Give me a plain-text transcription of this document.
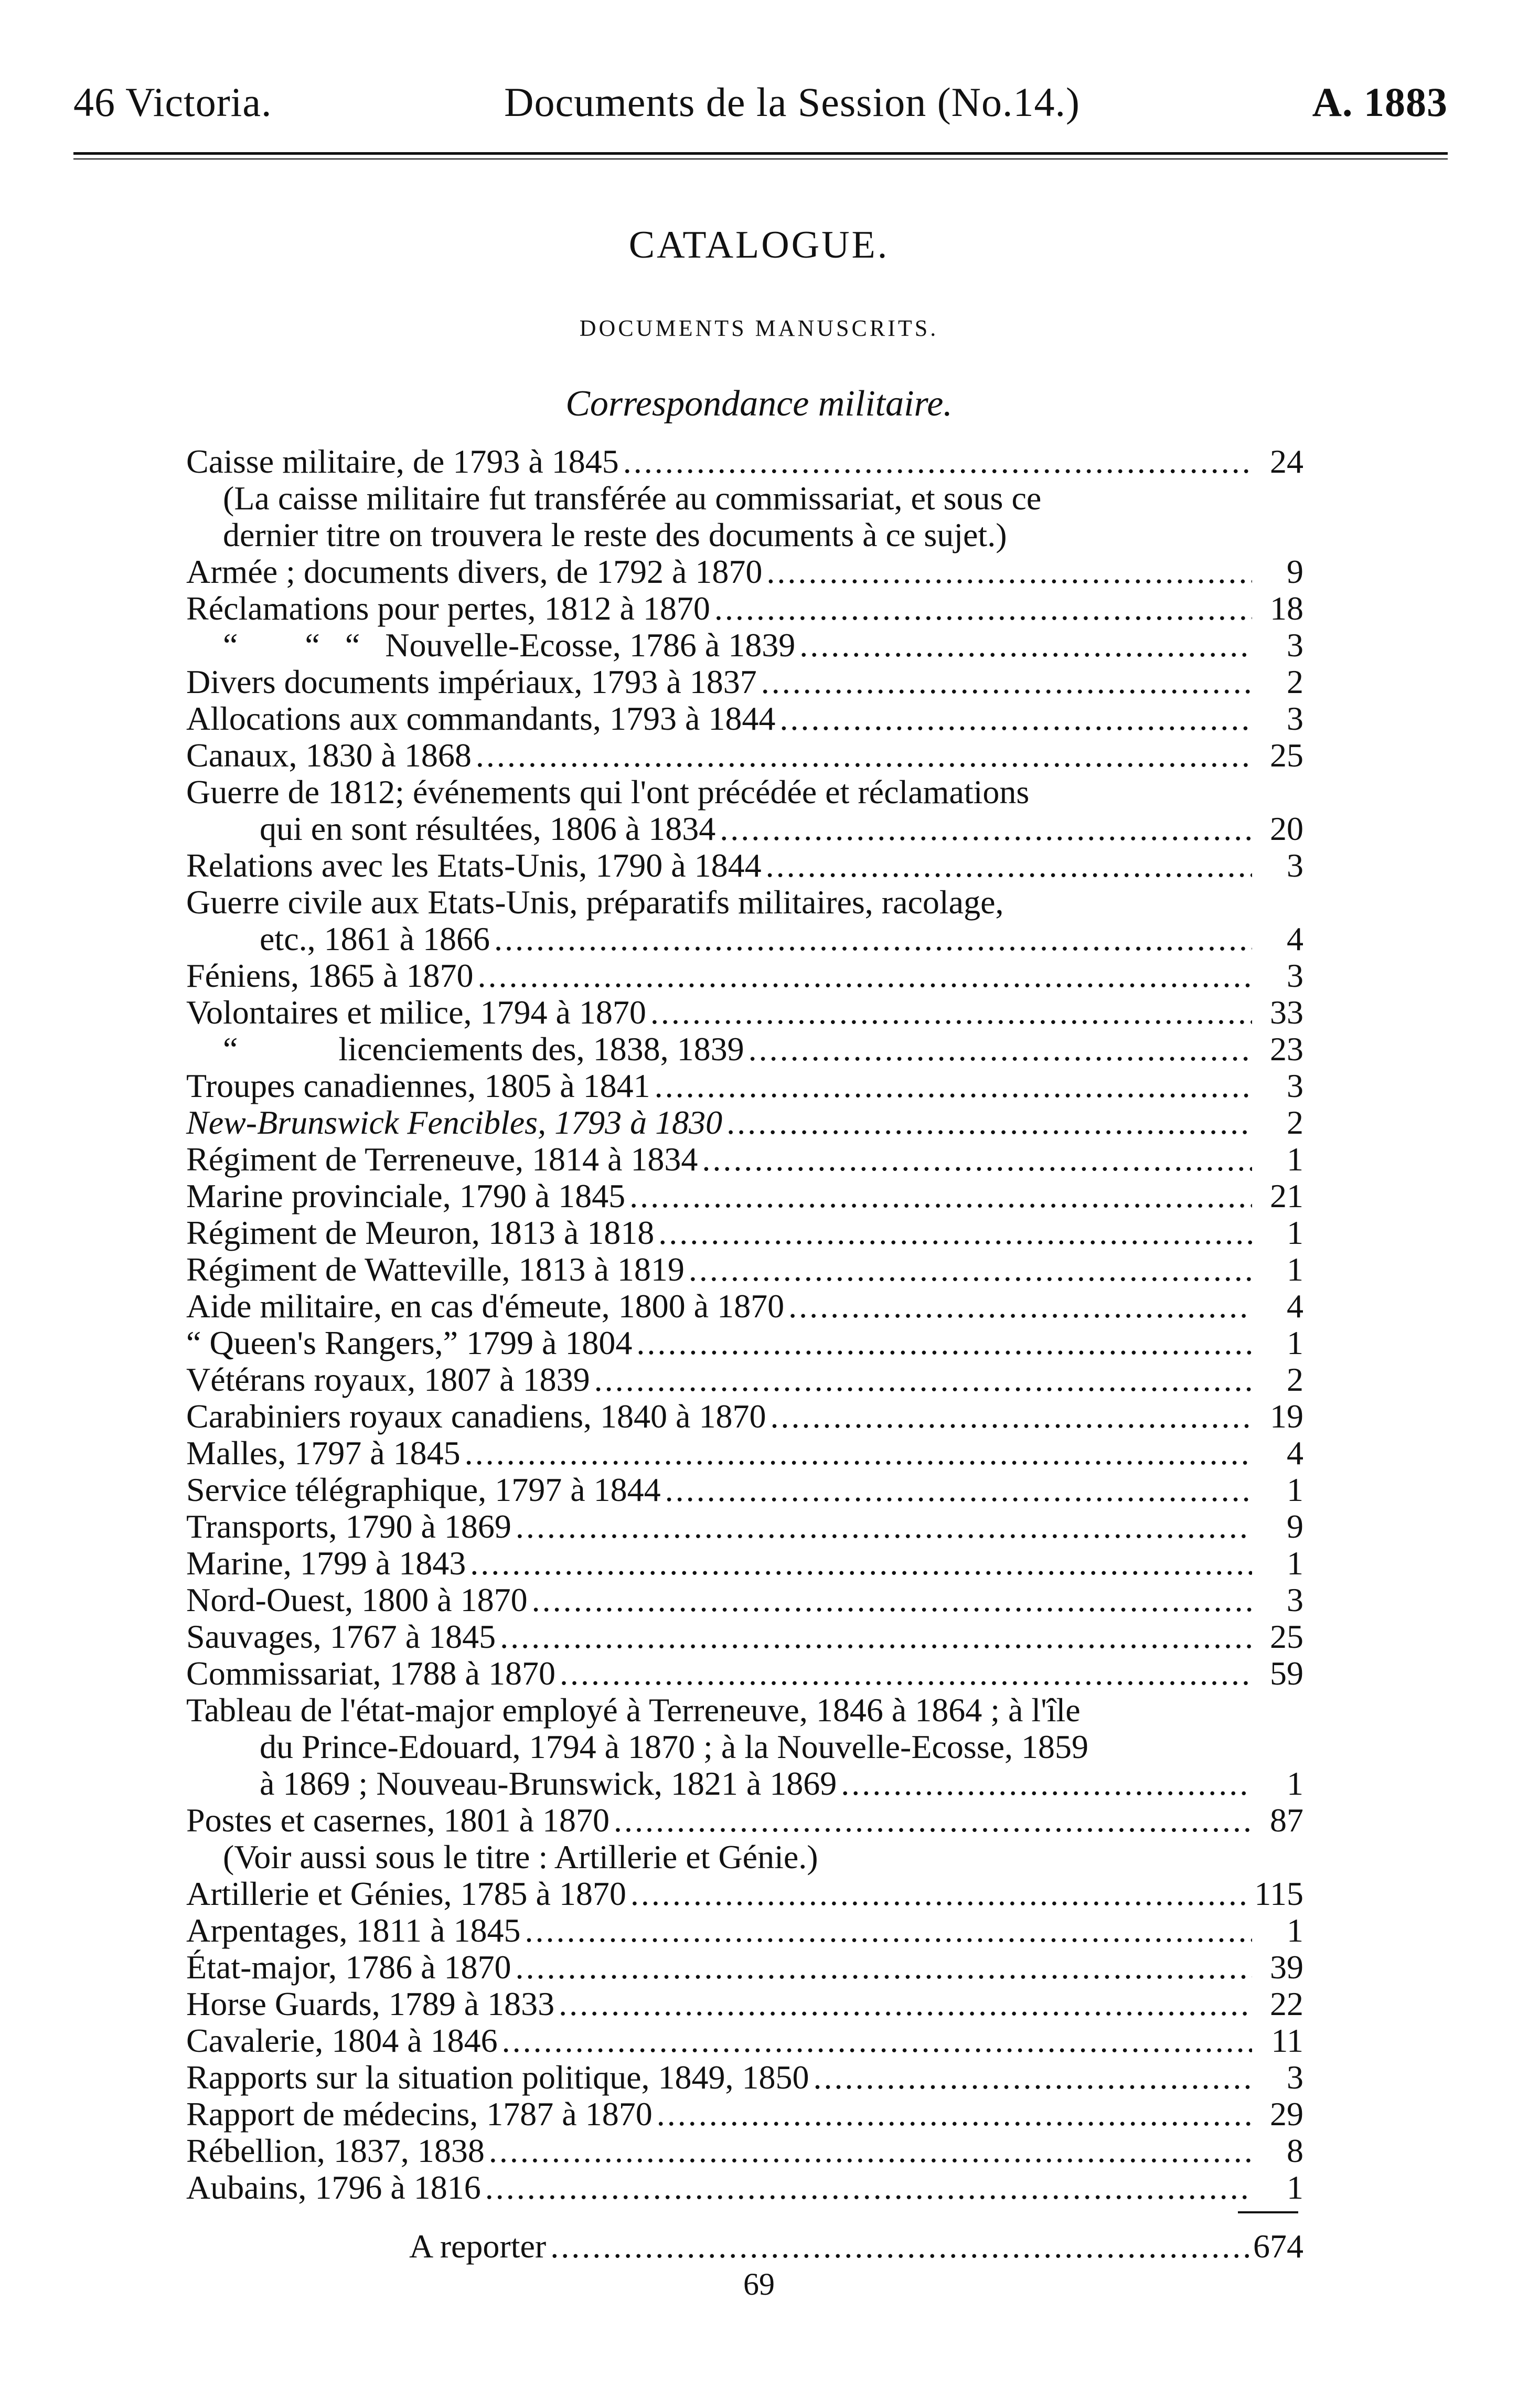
46 Victoria.	Documents de la Session (No.14.)	A. 1883
CATALOGUE.
DOCUMENTS MANUSCRITS.
Correspondance militaire.
Caisse militaire, de 1793 à 1845 .....	24
(La caisse militaire fut transférée au commissariat, et sous ce
dernier titre on trouvera le reste des documents à ce sujet.)
Armée ; documents divers, de 1792 à 1870 .....	9
Réclamations pour pertes, 1812 à 1870 .....	18
“        “   “   Nouvelle-Ecosse, 1786 à 1839 .....	3
Divers documents impériaux, 1793 à 1837 .....	2
Allocations aux commandants, 1793 à 1844 .....	3
Canaux, 1830 à 1868 .....	25
Guerre de 1812; événements qui l'ont précédée et réclamations
qui en sont résultées, 1806 à 1834 .....	20
Relations avec les Etats-Unis, 1790 à 1844 .....	3
Guerre civile aux Etats-Unis, préparatifs militaires, racolage,
etc., 1861 à 1866 .....	4
Féniens, 1865 à 1870 .....	3
Volontaires et milice, 1794 à 1870 .....	33
“            licenciements des, 1838, 1839 .....	23
Troupes canadiennes, 1805 à 1841 .....	3
New-Brunswick Fencibles, 1793 à 1830 .....	2
Régiment de Terreneuve, 1814 à 1834 .....	1
Marine provinciale, 1790 à 1845 .....	21
Régiment de Meuron, 1813 à 1818 .....	1
Régiment de Watteville, 1813 à 1819 .....	1
Aide militaire, en cas d'émeute, 1800 à 1870 .....	4
“ Queen's Rangers,” 1799 à 1804 .....	1
Vétérans royaux, 1807 à 1839 .....	2
Carabiniers royaux canadiens, 1840 à 1870 .....	19
Malles, 1797 à 1845 .....	4
Service télégraphique, 1797 à 1844 .....	1
Transports, 1790 à 1869 .....	9
Marine, 1799 à 1843 .....	1
Nord-Ouest, 1800 à 1870 .....	3
Sauvages, 1767 à 1845 .....	25
Commissariat, 1788 à 1870 .....	59
Tableau de l'état-major employé à Terreneuve, 1846 à 1864 ; à l'île
du Prince-Edouard, 1794 à 1870 ; à la Nouvelle-Ecosse, 1859
à 1869 ; Nouveau-Brunswick, 1821 à 1869 .....	1
Postes et casernes, 1801 à 1870 .....	87
(Voir aussi sous le titre : Artillerie et Génie.)
Artillerie et Génies, 1785 à 1870 .....	115
Arpentages, 1811 à 1845 .....	1
État-major, 1786 à 1870 .....	39
Horse Guards, 1789 à 1833 .....	22
Cavalerie, 1804 à 1846 .....	11
Rapports sur la situation politique, 1849, 1850 .....	3
Rapport de médecins, 1787 à 1870 .....	29
Rébellion, 1837, 1838 .....	8
Aubains, 1796 à 1816 .....	1
A reporter .....	674
69
